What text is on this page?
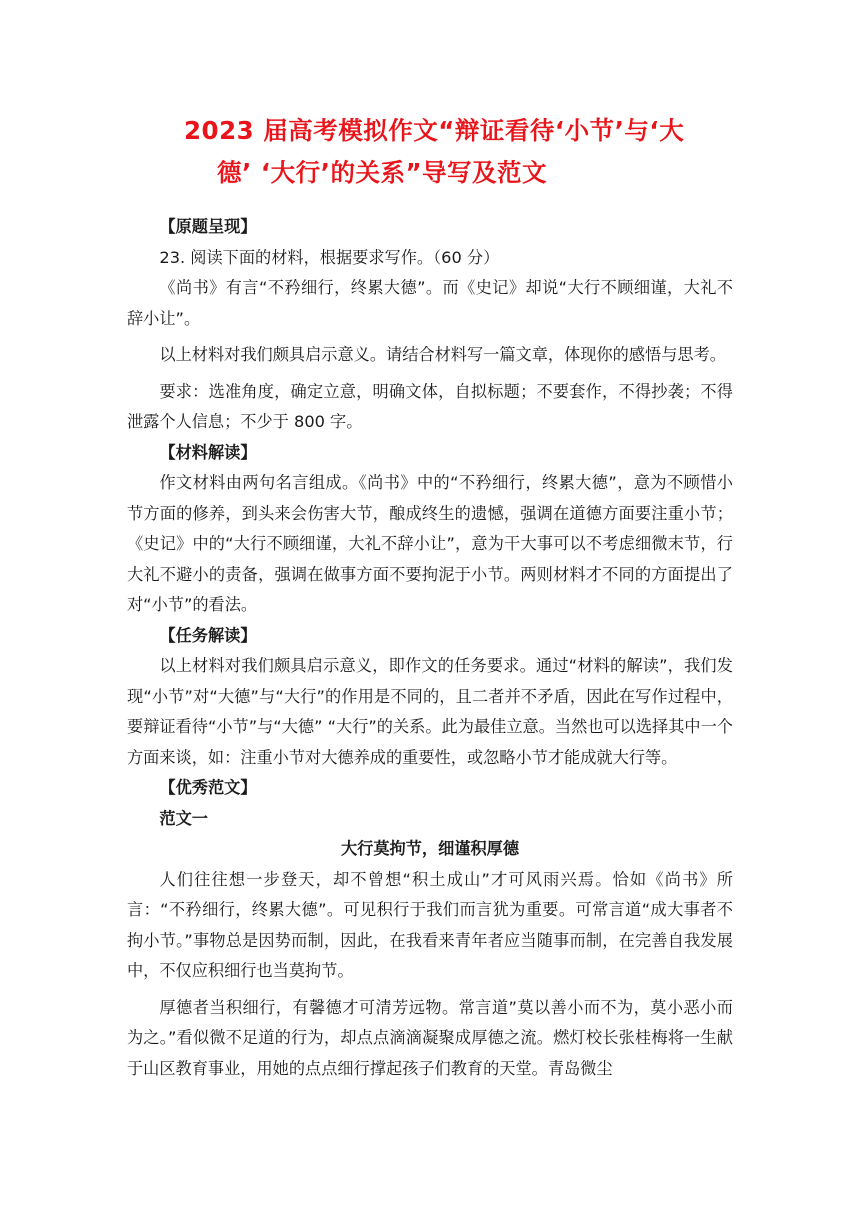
2023 届高考模拟作文“辩证看待‘小节’与‘大
德’ ‘大行’的关系”导写及范文

【原题呈现】

23. 阅读下面的材料，根据要求写作。（60 分）

《尚书》有言“不矜细行，终累大德”。而《史记》却说“大行不顾细谨，大礼不辞小让”。

以上材料对我们颇具启示意义。请结合材料写一篇文章，体现你的感悟与思考。

要求：选准角度，确定立意，明确文体，自拟标题；不要套作，不得抄袭；不得泄露个人信息；不少于 800 字。

【材料解读】

作文材料由两句名言组成。《尚书》中的“不矜细行，终累大德”，意为不顾惜小节方面的修养，到头来会伤害大节，酿成终生的遗憾，强调在道德方面要注重小节；《史记》中的“大行不顾细谨，大礼不辞小让”，意为干大事可以不考虑细微末节，行大礼不避小的责备，强调在做事方面不要拘泥于小节。两则材料才不同的方面提出了对“小节”的看法。

【任务解读】

以上材料对我们颇具启示意义，即作文的任务要求。通过“材料的解读”，我们发现“小节”对“大德”与“大行”的作用是不同的，且二者并不矛盾，因此在写作过程中，要辩证看待“小节”与“大德” “大行”的关系。此为最佳立意。当然也可以选择其中一个方面来谈，如：注重小节对大德养成的重要性，或忽略小节才能成就大行等。

【优秀范文】

范文一

大行莫拘节，细谨积厚德

人们往往想一步登天，却不曾想“积土成山”才可风雨兴焉。恰如《尚书》所言：“不矜细行，终累大德”。可见积行于我们而言犹为重要。可常言道“成大事者不拘小节。”事物总是因势而制，因此，在我看来青年者应当随事而制，在完善自我发展中，不仅应积细行也当莫拘节。

厚德者当积细行，有馨德才可清芳远物。常言道”莫以善小而不为，莫小恶小而为之。”看似微不足道的行为，却点点滴滴凝聚成厚德之流。燃灯校长张桂梅将一生献于山区教育事业，用她的点点细行撑起孩子们教育的天堂。青岛微尘
